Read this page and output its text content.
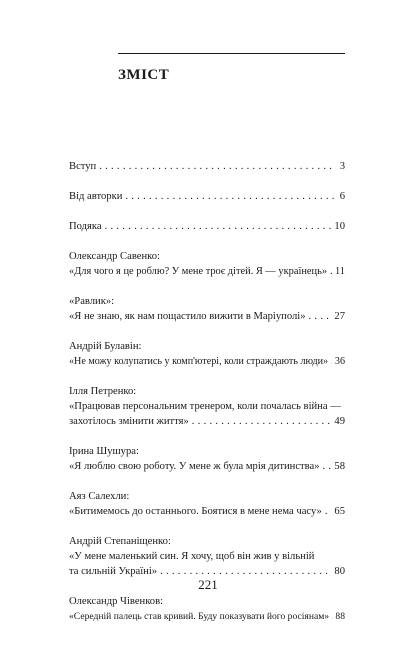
ЗМІСТ
Вступ . . .	3
Від авторки . . .	6
Подяка . . .	10
Олександр Савенко:
«Для чого я це роблю? У мене троє дітей. Я — українець» . . . 11
«Равлик»:
«Я не знаю, як нам пощастило вижити в Маріуполі» . . .	27
Андрій Булавін:
«Не можу колупатись у комп'ютері, коли страждають люди» . . . 36
Ілля Петренко:
«Працював персональним тренером, коли почалась війна —
захотілось змінити життя» . . .	49
Ірина Шушура:
«Я люблю свою роботу. У мене ж була мрія дитинства» . . . 58
Аяз Салехли:
«Битимемось до останнього. Боятися в мене нема часу» . . . 65
Андрій Степаніщенко:
«У мене маленький син. Я хочу, щоб він жив у вільній
та сильній Україні» . . .	80
Олександр Чівенков:
«Середній палець став кривий. Буду показувати його росіянам» . . . 88
221
